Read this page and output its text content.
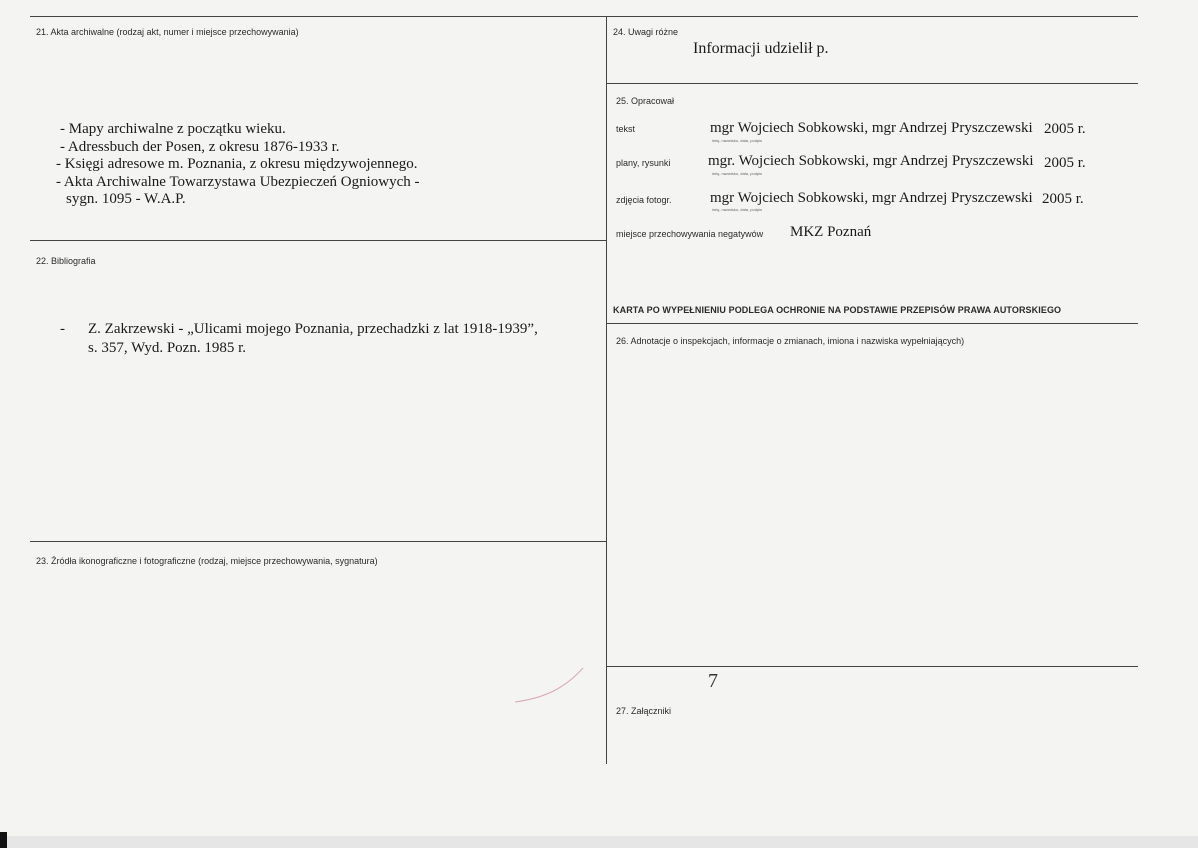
21. Akta archiwalne (rodzaj akt, numer i miejsce przechowywania)
- Mapy archiwalne z początku wieku.
- Adressbuch der Posen, z okresu 1876-1933 r.
- Księgi adresowe m. Poznania, z okresu międzywojennego.
- Akta Archiwalne Towarzystawa Ubezpieczeń Ogniowych -
sygn. 1095 - W.A.P.
22. Bibliografia
- Z. Zakrzewski - „Ulicami mojego Poznania, przechadzki z lat 1918-1939”,
s. 357, Wyd. Pozn. 1985 r.
23. Źródła ikonograficzne i fotograficzne (rodzaj, miejsce przechowywania, sygnatura)
24. Uwagi różne
Informacji udzielił p.
25. Opracował
tekst	mgr Wojciech Sobkowski, mgr Andrzej Pryszczewski 2005 r.
imię, nazwisko, data, podpis
plany, rysunki	mgr. Wojciech Sobkowski, mgr Andrzej Pryszczewski 2005 r.
imię, nazwisko, data, podpis
zdjęcia fotogr.	mgr Wojciech Sobkowski, mgr Andrzej Pryszczewski 2005 r.
imię, nazwisko, data, podpis
miejsce przechowywania negatywów MKZ Poznań
KARTA PO WYPEŁNIENIU PODLEGA OCHRONIE NA PODSTAWIE PRZEPISÓW PRAWA AUTORSKIEGO
26. Adnotacje o inspekcjach, informacje o zmianach, imiona i nazwiska wypełniających)
27. Załączniki
7
